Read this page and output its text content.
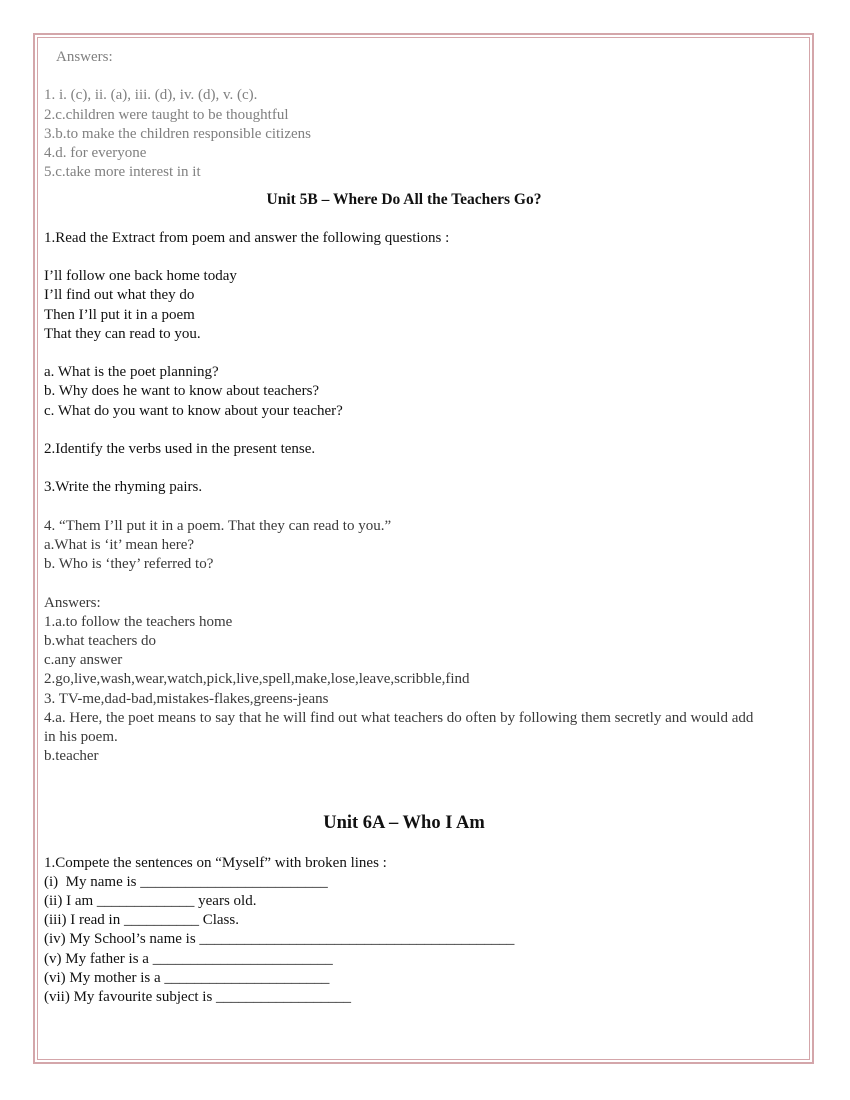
Answers:
1. i. (c), ii. (a), iii. (d), iv. (d), v. (c).
2.c.children were taught to be thoughtful
3.b.to make the children responsible citizens
4.d. for everyone
5.c.take more interest in it
Unit 5B – Where Do All the Teachers Go?
1.Read the Extract from poem and answer the following questions :
I’ll follow one back home today
I’ll find out what they do
Then I’ll put it in a poem
That they can read to you.
a. What is the poet planning?
b. Why does he want to know about teachers?
c. What do you want to know about your teacher?
2.Identify the verbs used in the present tense.
3.Write the rhyming pairs.
4. “Them I’ll put it in a poem. That they can read to you.”
a.What is ‘it’ mean here?
b. Who is ‘they’ referred to?
Answers:
1.a.to follow the teachers home
b.what teachers do
c.any answer
2.go,live,wash,wear,watch,pick,live,spell,make,lose,leave,scribble,find
3. TV-me,dad-bad,mistakes-flakes,greens-jeans
4.a. Here, the poet means to say that he will find out what teachers do often by following them secretly and would add in his poem.
b.teacher
Unit 6A – Who I Am
1.Compete the sentences on “Myself” with broken lines :
(i)  My name is _________________________
(ii) I am _____________ years old.
(iii) I read in __________ Class.
(iv) My School’s name is __________________________________________
(v) My father is a ________________________
(vi) My mother is a ______________________
(vii) My favourite subject is __________________
